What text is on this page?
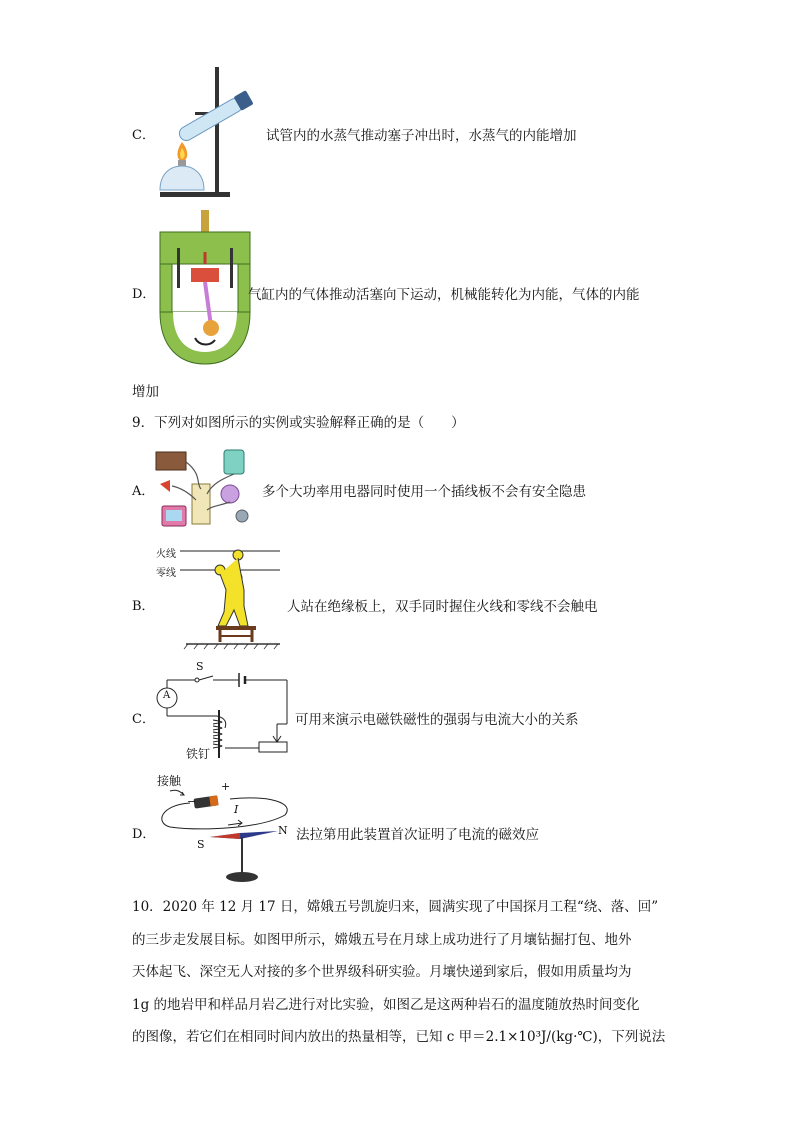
C．	试管内的水蒸气推动塞子冲出时，水蒸气的内能增加
D．	气缸内的气体推动活塞向下运动，机械能转化为内能，气体的内能
增加
9．下列对如图所示的实例或实验解释正确的是（　　）
A．	多个大功率用电器同时使用一个插线板不会有安全隐患
火线
零线
B．	人站在绝缘板上，双手同时握住火线和零线不会触电
C．
S
A
铁钉
可用来演示电磁铁磁性的强弱与电流大小的关系
接触
D．
−
+
I
N
S
法拉第用此装置首次证明了电流的磁效应
10．2020 年 12 月 17 日，嫦娥五号凯旋归来，圆满实现了中国探月工程“绕、落、回”
的三步走发展目标。如图甲所示，嫦娥五号在月球上成功进行了月壤钻掘打包、地外
天体起飞、深空无人对接的多个世界级科研实验。月壤快递到家后，假如用质量均为
1g 的地岩甲和样品月岩乙进行对比实验，如图乙是这两种岩石的温度随放热时间变化
的图像，若它们在相同时间内放出的热量相等，已知 c 甲＝2.1×10³J/(kg·℃)，下列说法
